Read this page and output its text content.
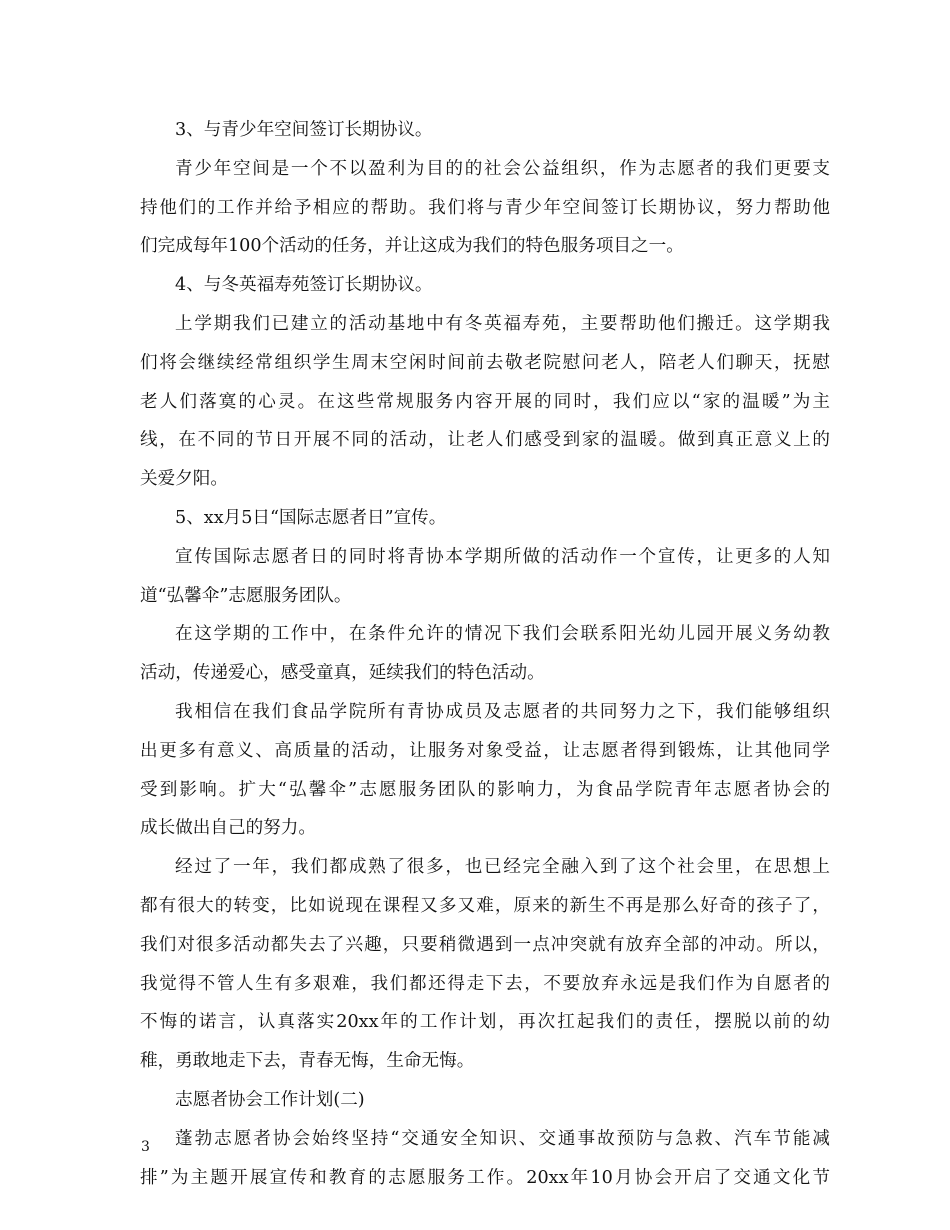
3、与青少年空间签订长期协议。
青少年空间是一个不以盈利为目的的社会公益组织，作为志愿者的我们更要支
持他们的工作并给予相应的帮助。我们将与青少年空间签订长期协议，努力帮助他
们完成每年100个活动的任务，并让这成为我们的特色服务项目之一。
4、与冬英福寿苑签订长期协议。
上学期我们已建立的活动基地中有冬英福寿苑，主要帮助他们搬迁。这学期我
们将会继续经常组织学生周末空闲时间前去敬老院慰问老人，陪老人们聊天，抚慰
老人们落寞的心灵。在这些常规服务内容开展的同时，我们应以“家的温暖”为主
线，在不同的节日开展不同的活动，让老人们感受到家的温暖。做到真正意义上的
关爱夕阳。
5、xx月5日“国际志愿者日”宣传。
宣传国际志愿者日的同时将青协本学期所做的活动作一个宣传，让更多的人知
道“弘馨伞”志愿服务团队。
在这学期的工作中，在条件允许的情况下我们会联系阳光幼儿园开展义务幼教
活动，传递爱心，感受童真，延续我们的特色活动。
我相信在我们食品学院所有青协成员及志愿者的共同努力之下，我们能够组织
出更多有意义、高质量的活动，让服务对象受益，让志愿者得到锻炼，让其他同学
受到影响。扩大“弘馨伞”志愿服务团队的影响力，为食品学院青年志愿者协会的
成长做出自己的努力。
经过了一年，我们都成熟了很多，也已经完全融入到了这个社会里，在思想上
都有很大的转变，比如说现在课程又多又难，原来的新生不再是那么好奇的孩子了，
我们对很多活动都失去了兴趣，只要稍微遇到一点冲突就有放弃全部的冲动。所以，
我觉得不管人生有多艰难，我们都还得走下去，不要放弃永远是我们作为自愿者的
不悔的诺言，认真落实20xx年的工作计划，再次扛起我们的责任，摆脱以前的幼
稚，勇敢地走下去，青春无悔，生命无悔。
志愿者协会工作计划(二)
蓬勃志愿者协会始终坚持“交通安全知识、交通事故预防与急救、汽车节能减
排”为主题开展宣传和教育的志愿服务工作。20xx年10月协会开启了交通文化节
3
